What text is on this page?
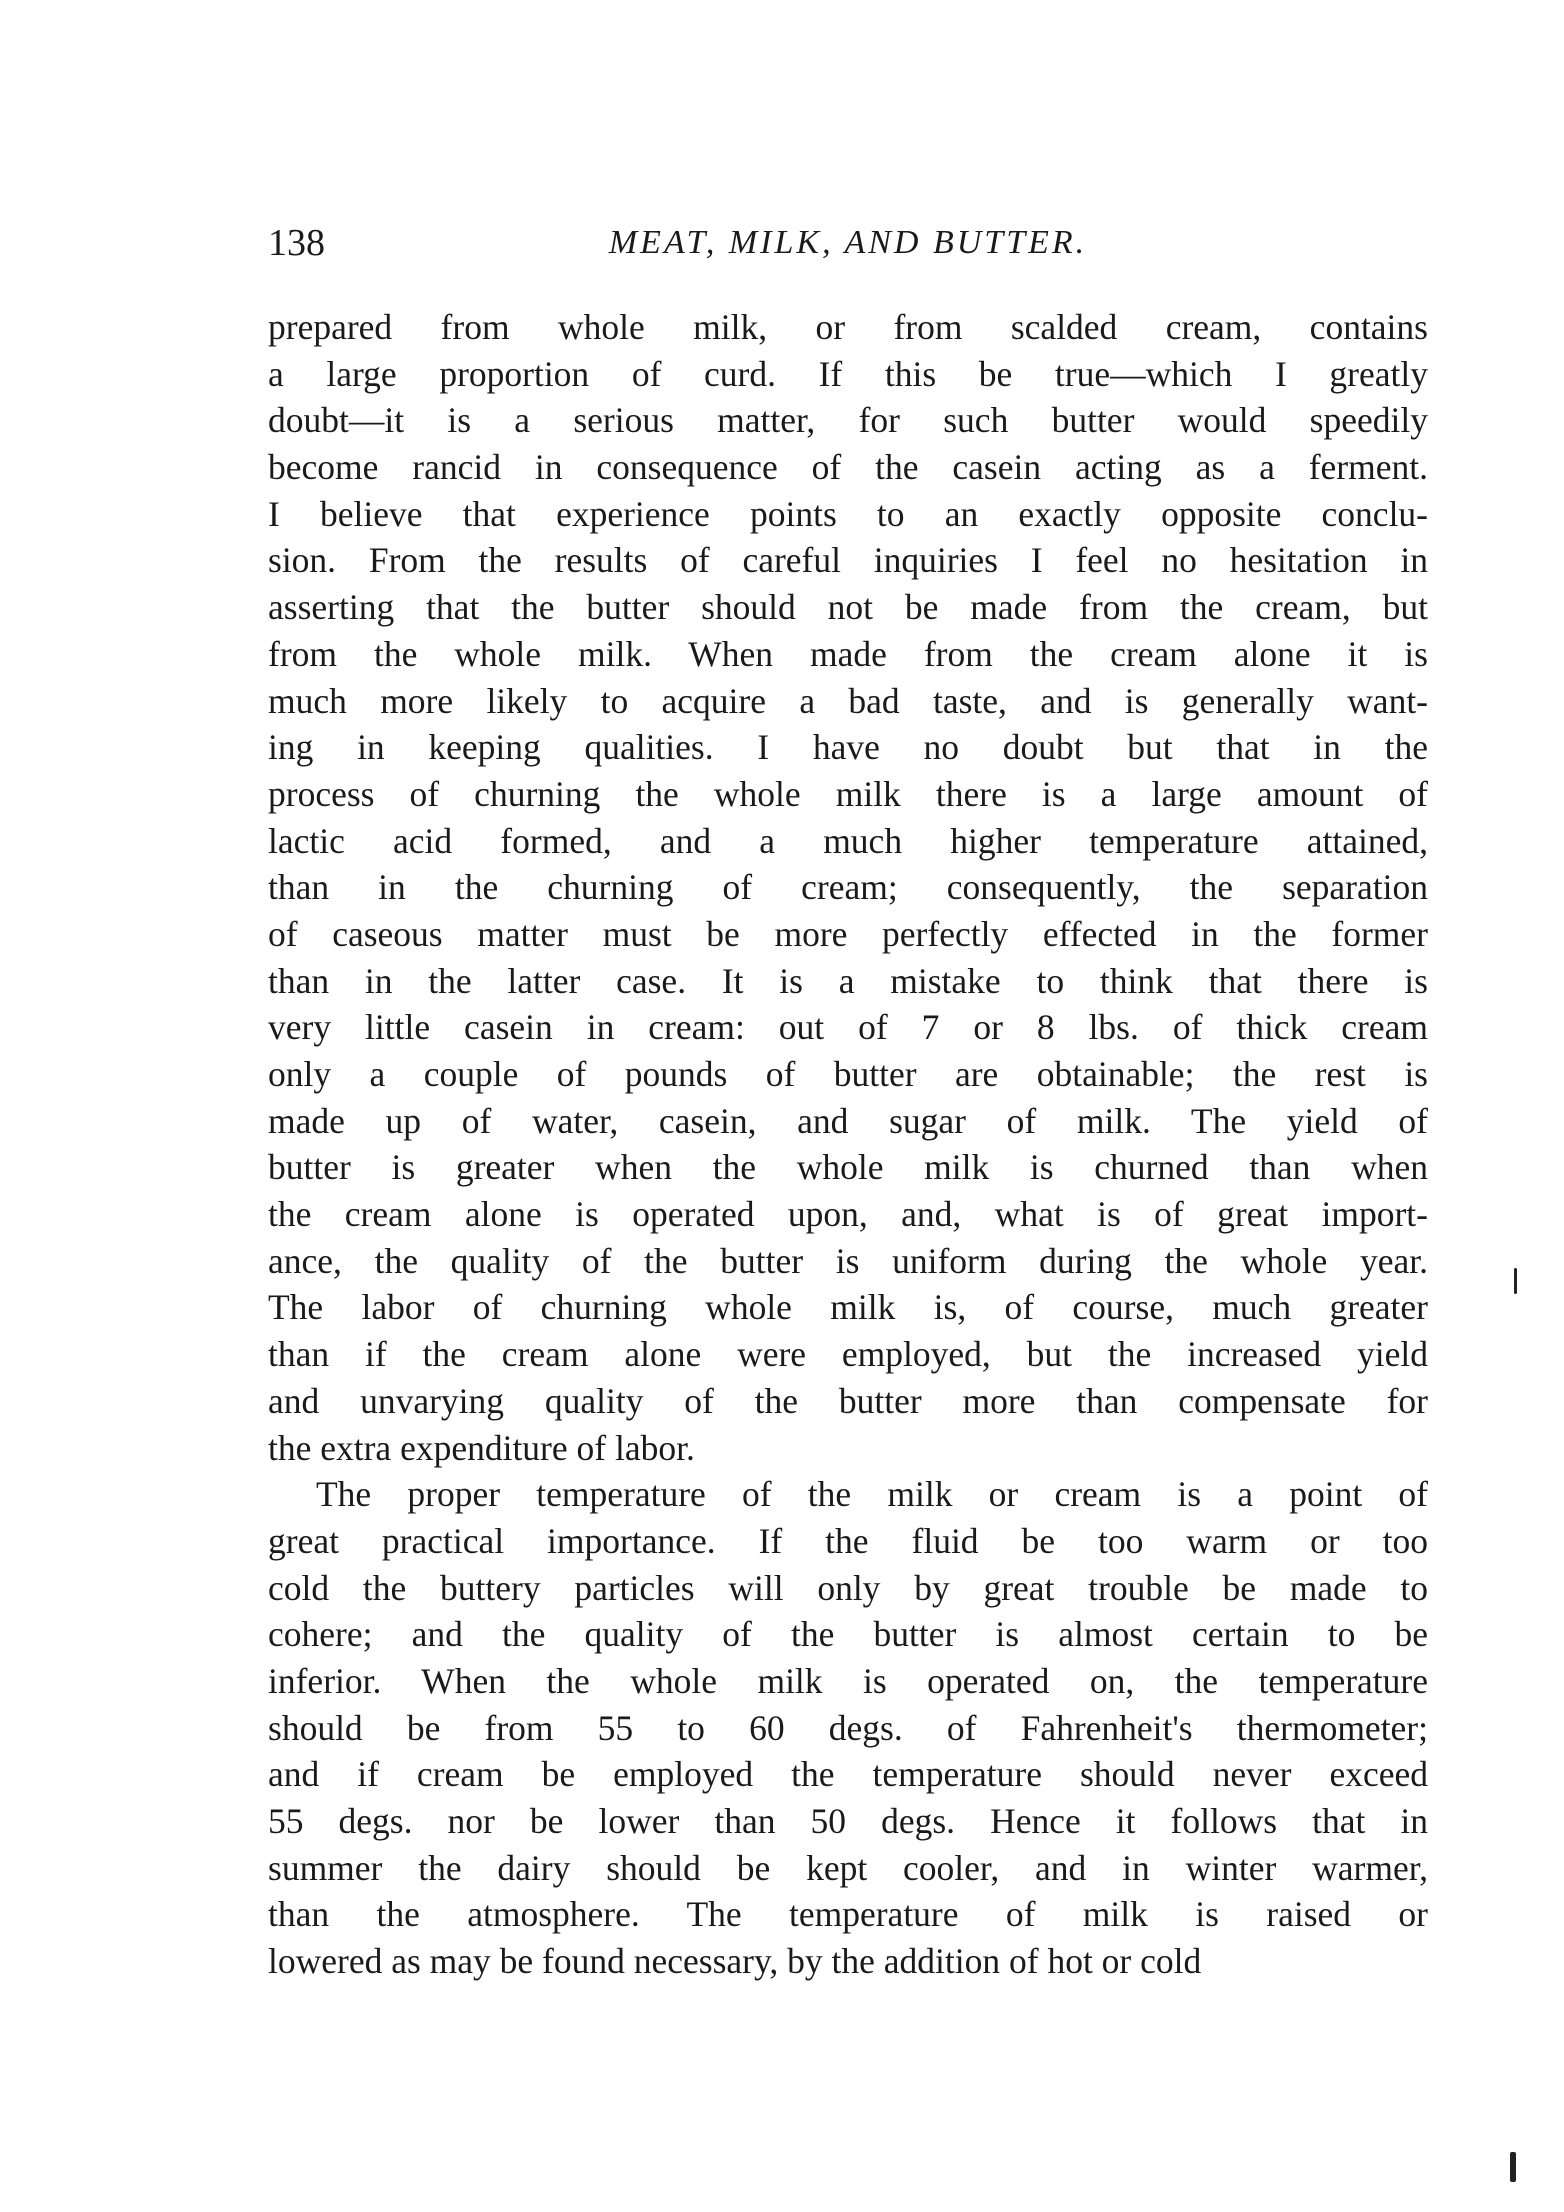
138	MEAT, MILK, AND BUTTER.
prepared from whole milk, or from scalded cream, contains
a large proportion of curd. If this be true—which I greatly
doubt—it is a serious matter, for such butter would speedily
become rancid in consequence of the casein acting as a ferment.
I believe that experience points to an exactly opposite conclu-
sion. From the results of careful inquiries I feel no hesitation in
asserting that the butter should not be made from the cream, but
from the whole milk. When made from the cream alone it is
much more likely to acquire a bad taste, and is generally want-
ing in keeping qualities. I have no doubt but that in the
process of churning the whole milk there is a large amount of
lactic acid formed, and a much higher temperature attained,
than in the churning of cream; consequently, the separation
of caseous matter must be more perfectly effected in the former
than in the latter case. It is a mistake to think that there is
very little casein in cream: out of 7 or 8 lbs. of thick cream
only a couple of pounds of butter are obtainable; the rest is
made up of water, casein, and sugar of milk. The yield of
butter is greater when the whole milk is churned than when
the cream alone is operated upon, and, what is of great import-
ance, the quality of the butter is uniform during the whole year.
The labor of churning whole milk is, of course, much greater
than if the cream alone were employed, but the increased yield
and unvarying quality of the butter more than compensate for
the extra expenditure of labor.
The proper temperature of the milk or cream is a point of
great practical importance. If the fluid be too warm or too
cold the buttery particles will only by great trouble be made to
cohere; and the quality of the butter is almost certain to be
inferior. When the whole milk is operated on, the temperature
should be from 55 to 60 degs. of Fahrenheit's thermometer;
and if cream be employed the temperature should never exceed
55 degs. nor be lower than 50 degs. Hence it follows that in
summer the dairy should be kept cooler, and in winter warmer,
than the atmosphere. The temperature of milk is raised or
lowered as may be found necessary, by the addition of hot or cold
